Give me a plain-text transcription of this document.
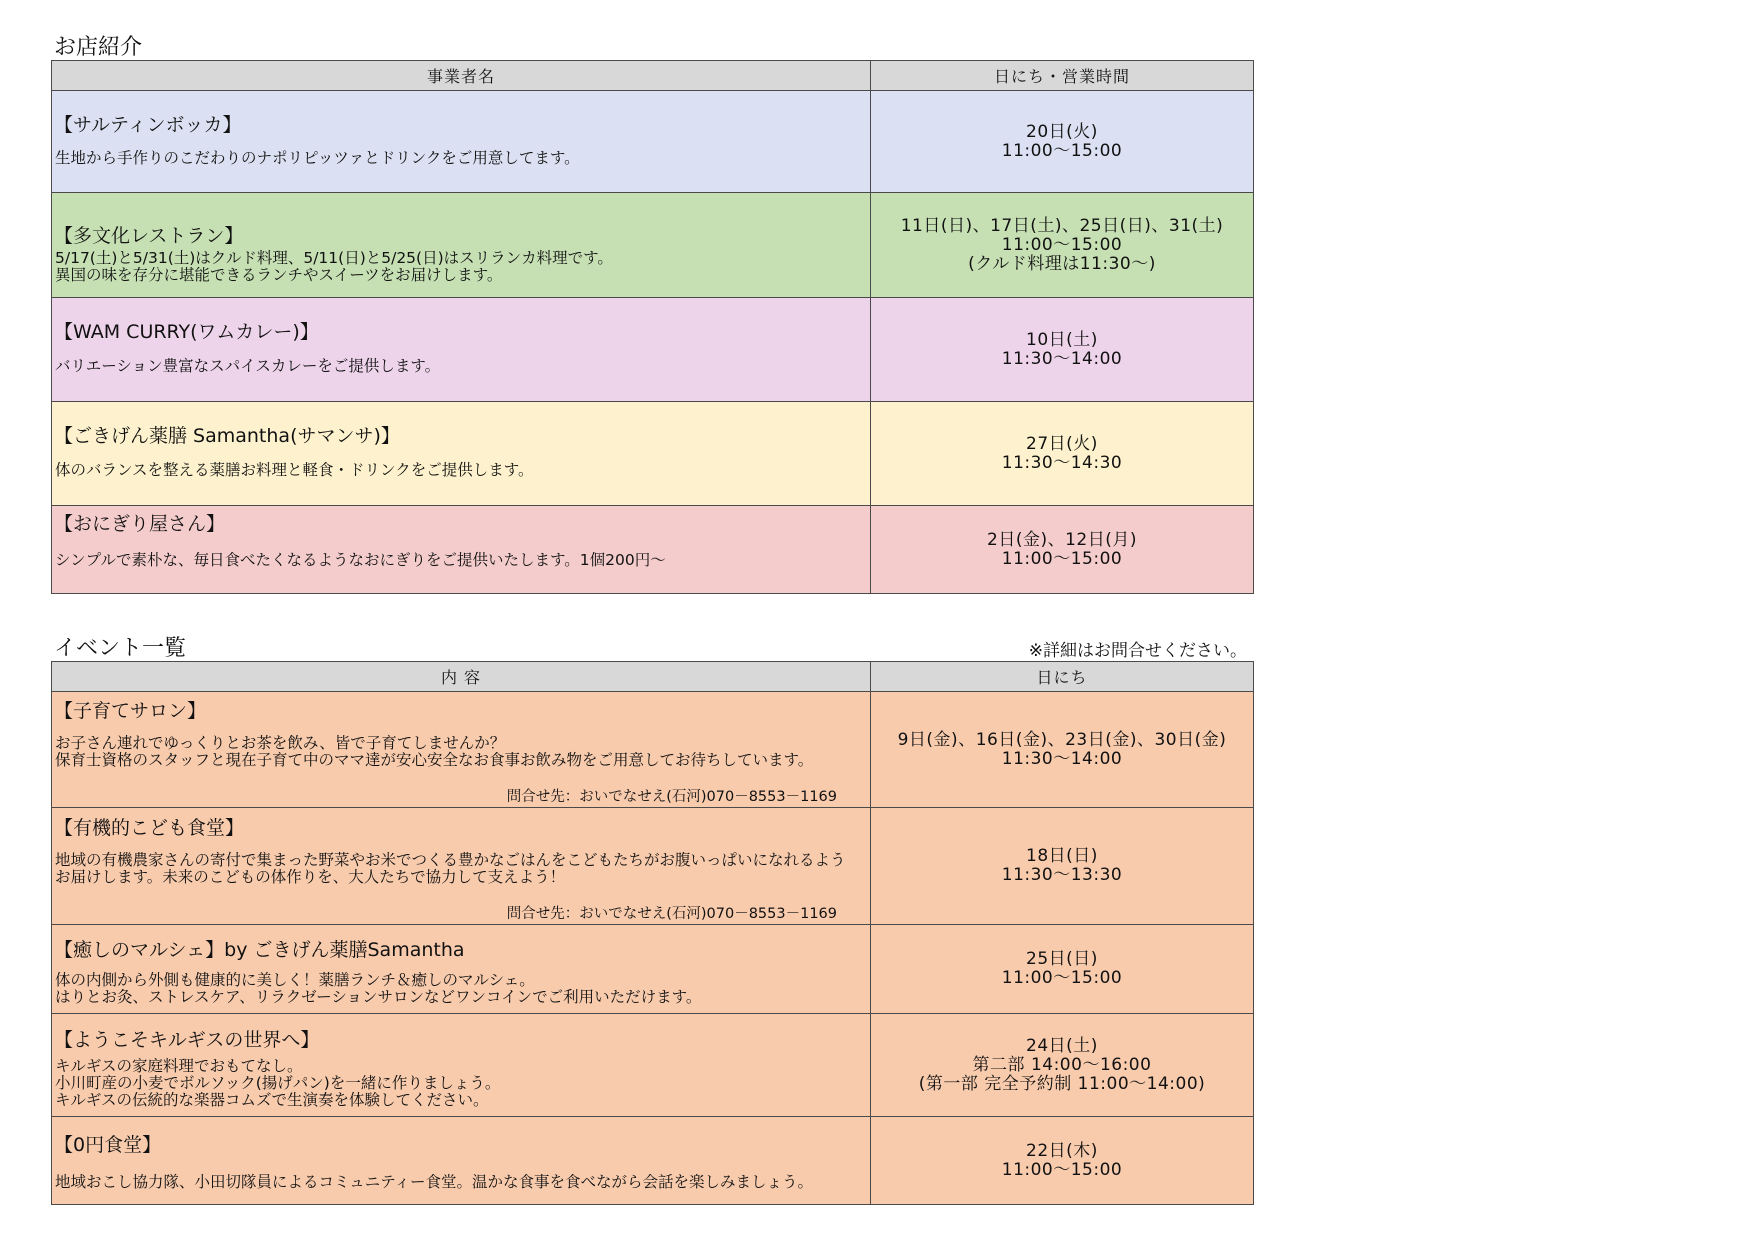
お店紹介
事業者名	日にち・営業時間

【サルティンボッカ】
生地から手作りのこだわりのナポリピッツァとドリンクをご用意してます。	20日(火)
11:00〜15:00

【多文化レストラン】
5/17(土)と5/31(土)はクルド料理、5/11(日)と5/25(日)はスリランカ料理です。
異国の味を存分に堪能できるランチやスイーツをお届けします。	11日(日)、17日(土)、25日(日)、31(土)
11:00〜15:00
(クルド料理は11:30〜)

【WAM CURRY(ワムカレー)】
バリエーション豊富なスパイスカレーをご提供します。	10日(土)
11:30〜14:00

【ごきげん薬膳 Samantha(サマンサ)】
体のバランスを整える薬膳お料理と軽食・ドリンクをご提供します。	27日(火)
11:30〜14:30

【おにぎり屋さん】
シンプルで素朴な、毎日食べたくなるようなおにぎりをご提供いたします。1個200円〜	2日(金)、12日(月)
11:00〜15:00
イベント一覧	※詳細はお問合せください。
内 容	日にち

【子育てサロン】
お子さん連れでゆっくりとお茶を飲み、皆で子育てしませんか？
保育士資格のスタッフと現在子育て中のママ達が安心安全なお食事お飲み物をご用意してお待ちしています。
問合せ先：おいでなせえ(石河)070－8553－1169	9日(金)、16日(金)、23日(金)、30日(金)
11:30〜14:00

【有機的こども食堂】
地域の有機農家さんの寄付で集まった野菜やお米でつくる豊かなごはんをこどもたちがお腹いっぱいになれるよう
お届けします。未来のこどもの体作りを、大人たちで協力して支えよう！
問合せ先：おいでなせえ(石河)070－8553－1169	18日(日)
11:30〜13:30

【癒しのマルシェ】by ごきげん薬膳Samantha
体の内側から外側も健康的に美しく！薬膳ランチ＆癒しのマルシェ。
はりとお灸、ストレスケア、リラクゼーションサロンなどワンコインでご利用いただけます。	25日(日)
11:00〜15:00

【ようこそキルギスの世界へ】
キルギスの家庭料理でおもてなし。
小川町産の小麦でボルソック(揚げパン)を一緒に作りましょう。
キルギスの伝統的な楽器コムズで生演奏を体験してください。	24日(土)
第二部 14:00〜16:00
(第一部 完全予約制 11:00〜14:00)

【0円食堂】
地域おこし協力隊、小田切隊員によるコミュニティー食堂。温かな食事を食べながら会話を楽しみましょう。	22日(木)
11:00〜15:00
